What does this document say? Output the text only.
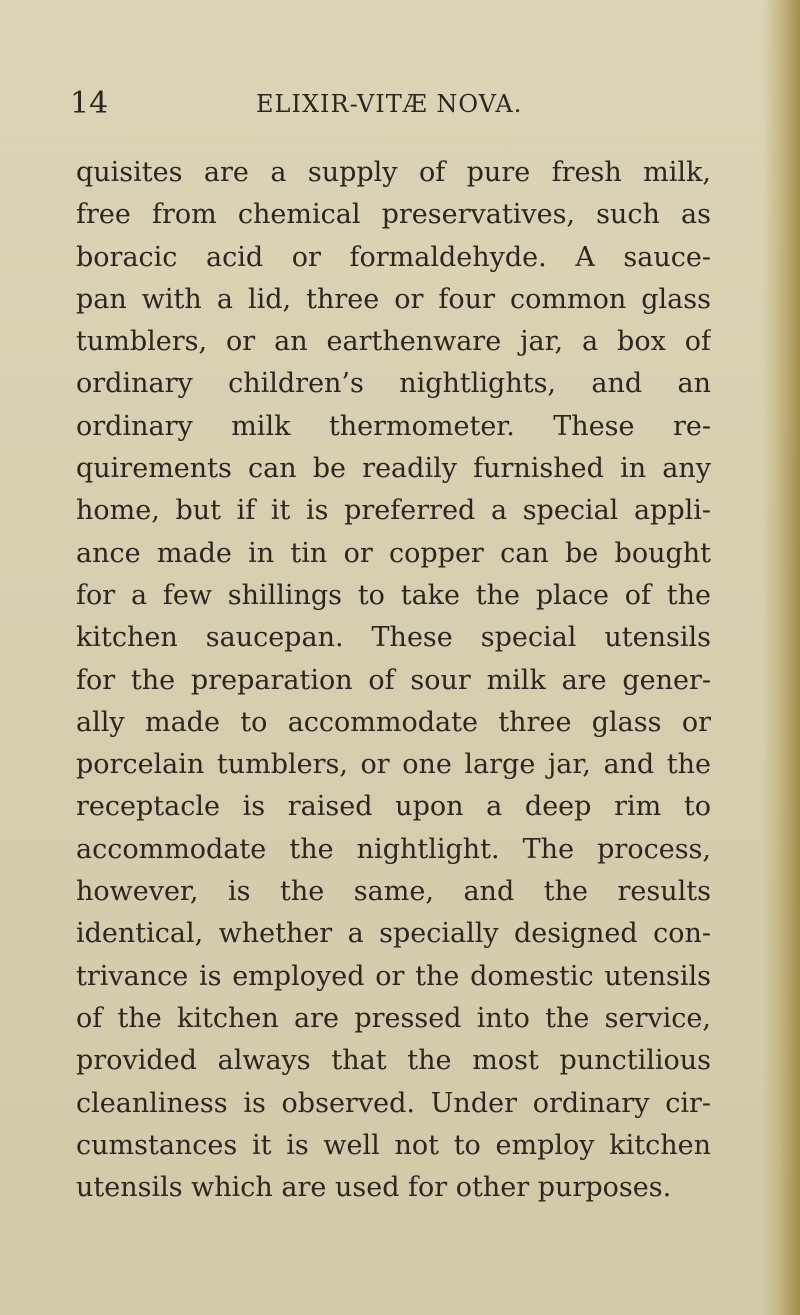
14	ELIXIR-VITÆ NOVA.
quisites are a supply of pure fresh milk,
free from chemical preservatives, such as
boracic acid or formaldehyde. A sauce-
pan with a lid, three or four common glass
tumblers, or an earthenware jar, a box of
ordinary children’s nightlights, and an
ordinary milk thermometer. These re-
quirements can be readily furnished in any
home, but if it is preferred a special appli-
ance made in tin or copper can be bought
for a few shillings to take the place of the
kitchen saucepan. These special utensils
for the preparation of sour milk are gener-
ally made to accommodate three glass or
porcelain tumblers, or one large jar, and the
receptacle is raised upon a deep rim to
accommodate the nightlight. The process,
however, is the same, and the results
identical, whether a specially designed con-
trivance is employed or the domestic utensils
of the kitchen are pressed into the service,
provided always that the most punctilious
cleanliness is observed. Under ordinary cir-
cumstances it is well not to employ kitchen
utensils which are used for other purposes.
